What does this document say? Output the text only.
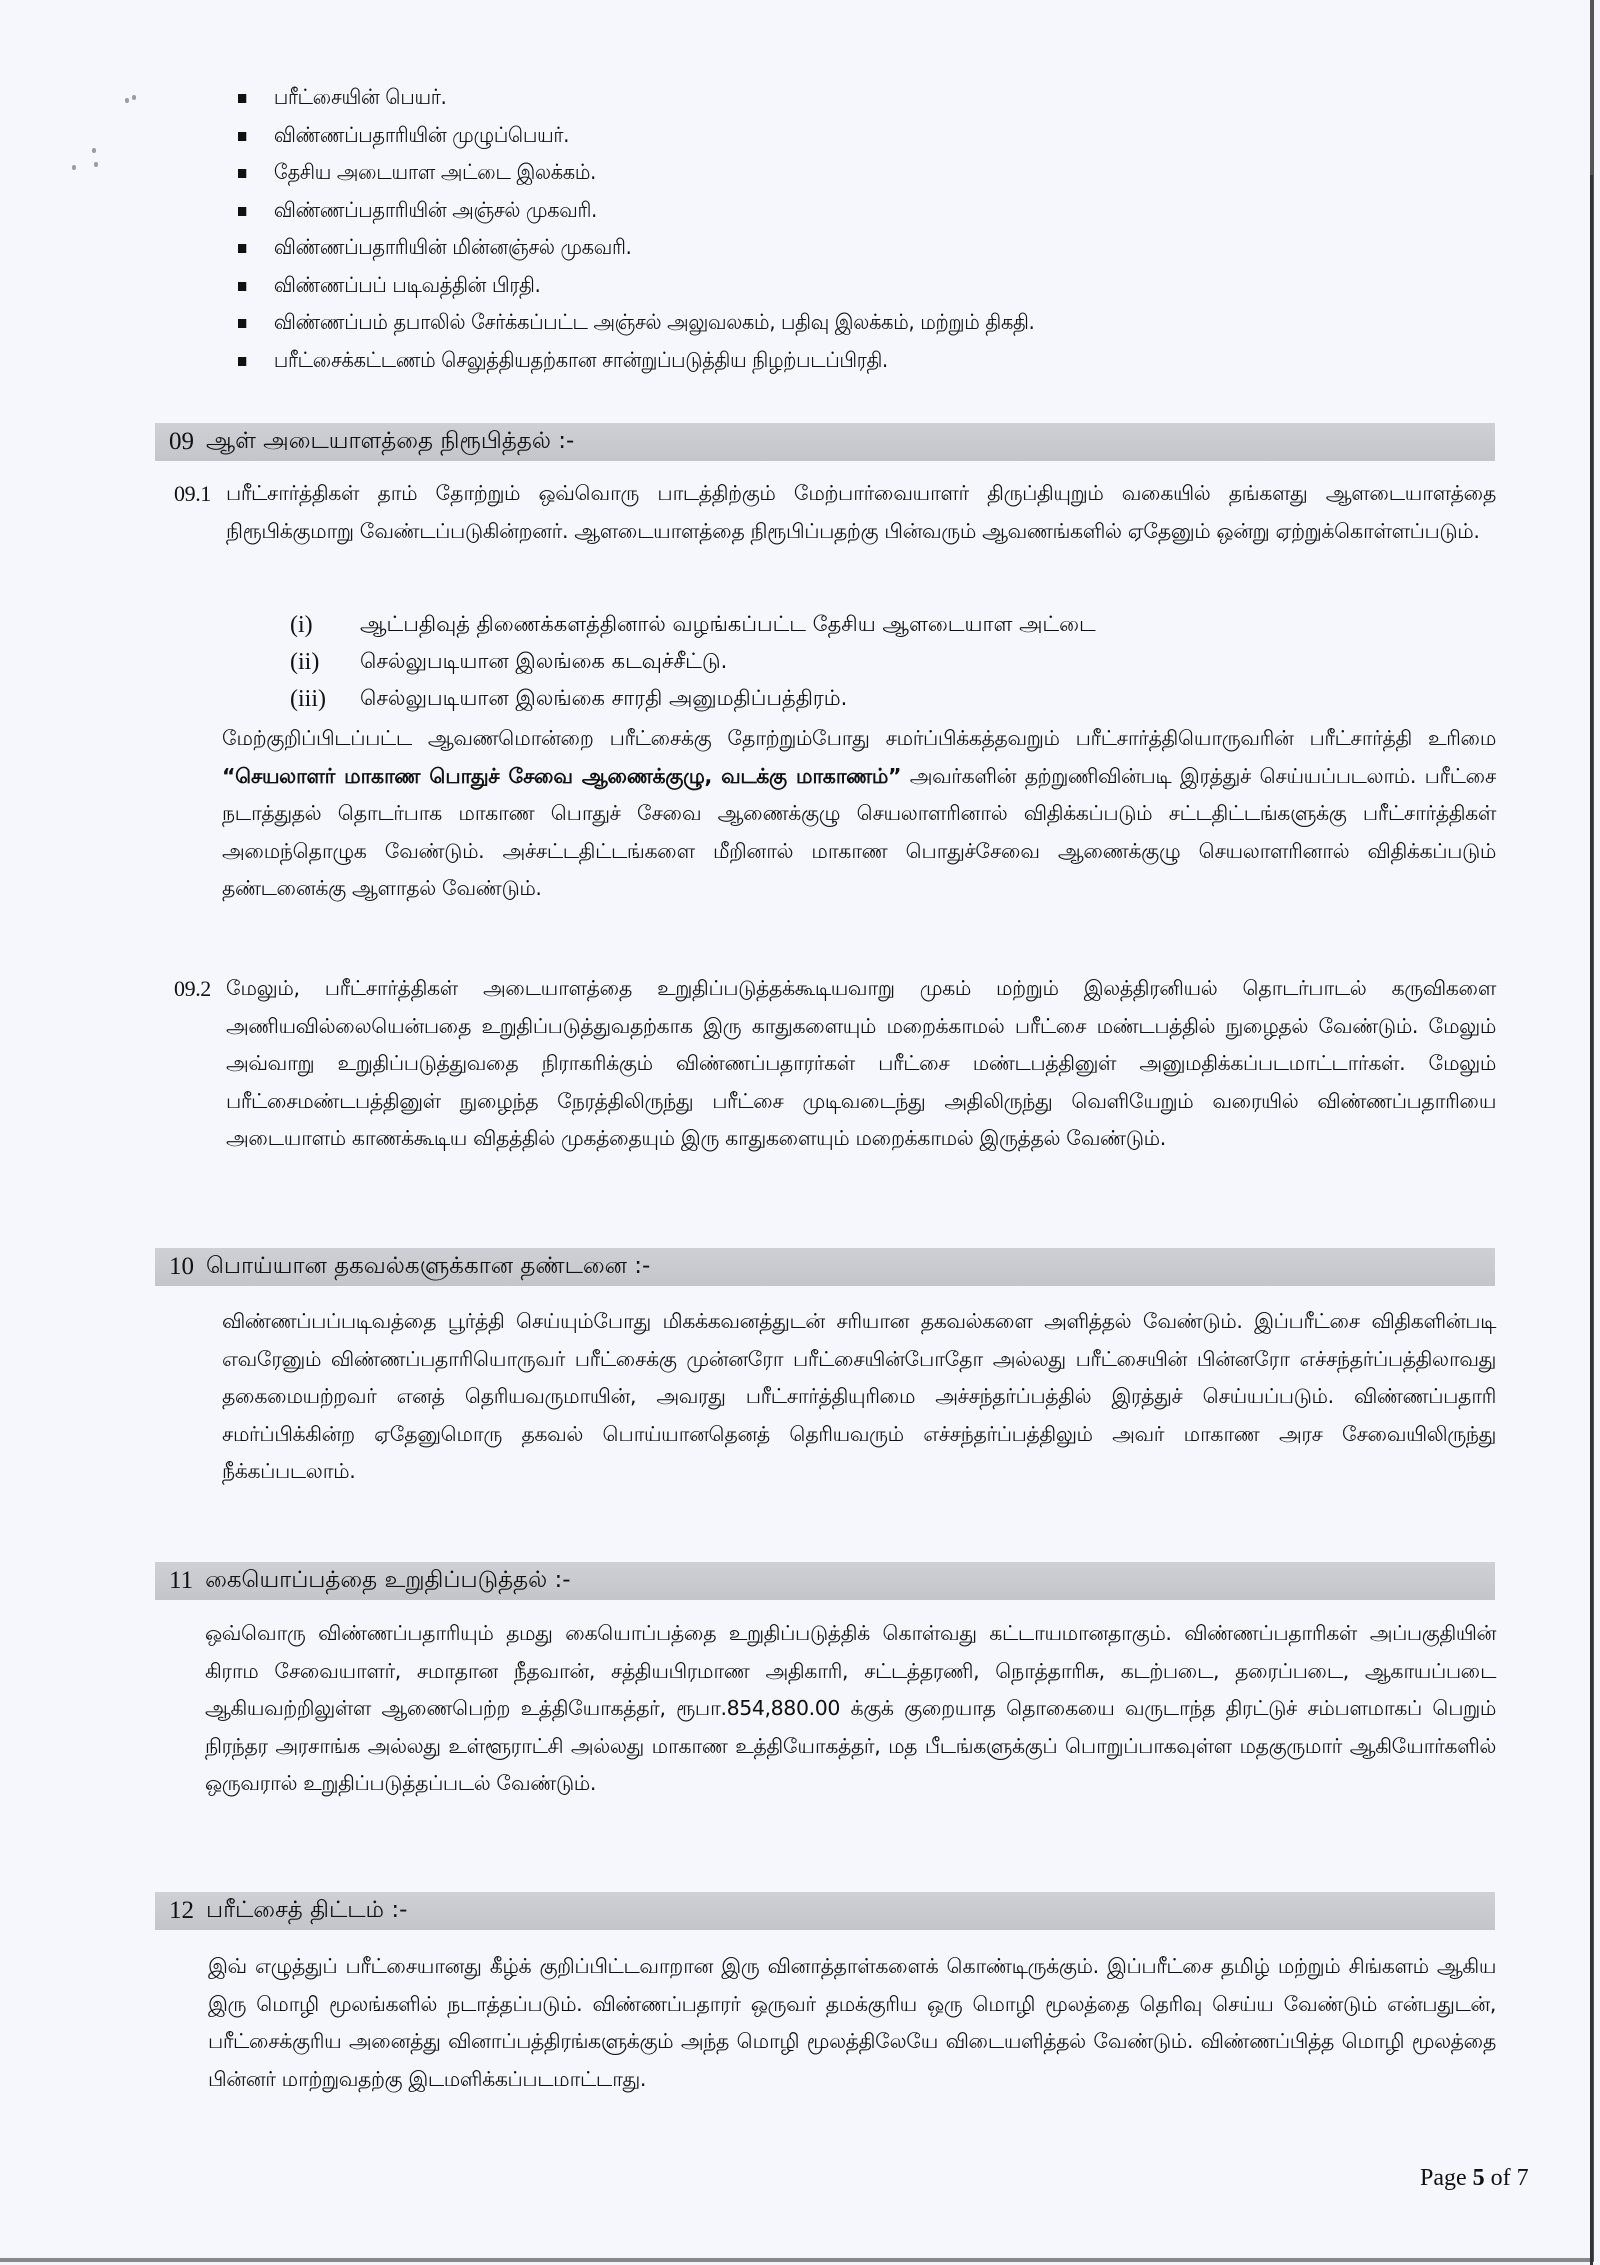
பரீட்சையின் பெயர்.
விண்ணப்பதாரியின் முழுப்பெயர்.
தேசிய அடையாள அட்டை இலக்கம்.
விண்ணப்பதாரியின் அஞ்சல் முகவரி.
விண்ணப்பதாரியின் மின்னஞ்சல் முகவரி.
விண்ணப்பப் படிவத்தின் பிரதி.
விண்ணப்பம் தபாலில் சேர்க்கப்பட்ட அஞ்சல் அலுவலகம், பதிவு இலக்கம், மற்றும் திகதி.
பரீட்சைக்கட்டணம் செலுத்தியதற்கான சான்றுப்படுத்திய நிழற்படப்பிரதி.
09 ஆள் அடையாளத்தை நிரூபித்தல் :-
09.1 பரீட்சார்த்திகள் தாம் தோற்றும் ஒவ்வொரு பாடத்திற்கும் மேற்பார்வையாளர் திருப்தியுறும் வகையில் தங்களது ஆளடையாளத்தை நிரூபிக்குமாறு வேண்டப்படுகின்றனர். ஆளடையாளத்தை நிரூபிப்பதற்கு பின்வரும் ஆவணங்களில் ஏதேனும் ஒன்று ஏற்றுக்கொள்ளப்படும்.
(i)	ஆட்பதிவுத் திணைக்களத்தினால் வழங்கப்பட்ட தேசிய ஆளடையாள அட்டை
(ii)	செல்லுபடியான இலங்கை கடவுச்சீட்டு.
(iii)	செல்லுபடியான இலங்கை சாரதி அனுமதிப்பத்திரம்.
மேற்குறிப்பிடப்பட்ட ஆவணமொன்றை பரீட்சைக்கு தோற்றும்போது சமர்ப்பிக்கத்தவறும் பரீட்சார்த்தியொருவரின் பரீட்சார்த்தி உரிமை “செயலாளர் மாகாண பொதுச் சேவை ஆணைக்குழு, வடக்கு மாகாணம்” அவர்களின் தற்றுணிவின்படி இரத்துச் செய்யப்படலாம். பரீட்சை நடாத்துதல் தொடர்பாக மாகாண பொதுச் சேவை ஆணைக்குழு செயலாளரினால் விதிக்கப்படும் சட்டதிட்டங்களுக்கு பரீட்சார்த்திகள் அமைந்தொழுக வேண்டும். அச்சட்டதிட்டங்களை மீறினால் மாகாண பொதுச்சேவை ஆணைக்குழு செயலாளரினால் விதிக்கப்படும் தண்டனைக்கு ஆளாதல் வேண்டும்.
09.2 மேலும், பரீட்சார்த்திகள் அடையாளத்தை உறுதிப்படுத்தக்கூடியவாறு முகம் மற்றும் இலத்திரனியல் தொடர்பாடல் கருவிகளை அணியவில்லையென்பதை உறுதிப்படுத்துவதற்காக இரு காதுகளையும் மறைக்காமல் பரீட்சை மண்டபத்தில் நுழைதல் வேண்டும். மேலும் அவ்வாறு உறுதிப்படுத்துவதை நிராகரிக்கும் விண்ணப்பதாரர்கள் பரீட்சை மண்டபத்தினுள் அனுமதிக்கப்படமாட்டார்கள். மேலும் பரீட்சைமண்டபத்தினுள் நுழைந்த நேரத்திலிருந்து பரீட்சை முடிவடைந்து அதிலிருந்து வெளியேறும் வரையில் விண்ணப்பதாரியை அடையாளம் காணக்கூடிய விதத்தில் முகத்தையும் இரு காதுகளையும் மறைக்காமல் இருத்தல் வேண்டும்.
10 பொய்யான தகவல்களுக்கான தண்டனை :-
விண்ணப்பப்படிவத்தை பூர்த்தி செய்யும்போது மிகக்கவனத்துடன் சரியான தகவல்களை அளித்தல் வேண்டும். இப்பரீட்சை விதிகளின்படி எவரேனும் விண்ணப்பதாரியொருவர் பரீட்சைக்கு முன்னரோ பரீட்சையின்போதோ அல்லது பரீட்சையின் பின்னரோ எச்சந்தர்ப்பத்திலாவது தகைமையற்றவர் எனத் தெரியவருமாயின், அவரது பரீட்சார்த்தியுரிமை அச்சந்தர்ப்பத்தில் இரத்துச் செய்யப்படும். விண்ணப்பதாரி சமர்ப்பிக்கின்ற ஏதேனுமொரு தகவல் பொய்யானதெனத் தெரியவரும் எச்சந்தர்ப்பத்திலும் அவர் மாகாண அரச சேவையிலிருந்து நீக்கப்படலாம்.
11 கையொப்பத்தை உறுதிப்படுத்தல் :-
ஒவ்வொரு விண்ணப்பதாரியும் தமது கையொப்பத்தை உறுதிப்படுத்திக் கொள்வது கட்டாயமானதாகும். விண்ணப்பதாரிகள் அப்பகுதியின் கிராம சேவையாளர், சமாதான நீதவான், சத்தியபிரமாண அதிகாரி, சட்டத்தரணி, நொத்தாரிசு, கடற்படை, தரைப்படை, ஆகாயப்படை ஆகியவற்றிலுள்ள ஆணைபெற்ற உத்தியோகத்தர், ரூபா.854,880.00 க்குக் குறையாத தொகையை வருடாந்த திரட்டுச் சம்பளமாகப் பெறும் நிரந்தர அரசாங்க அல்லது உள்ளூராட்சி அல்லது மாகாண உத்தியோகத்தர், மத பீடங்களுக்குப் பொறுப்பாகவுள்ள மதகுருமார் ஆகியோர்களில் ஒருவரால் உறுதிப்படுத்தப்படல் வேண்டும்.
12 பரீட்சைத் திட்டம் :-
இவ் எழுத்துப் பரீட்சையானது கீழ்க் குறிப்பிட்டவாறான இரு வினாத்தாள்களைக் கொண்டிருக்கும். இப்பரீட்சை தமிழ் மற்றும் சிங்களம் ஆகிய இரு மொழி மூலங்களில் நடாத்தப்படும். விண்ணப்பதாரர் ஒருவர் தமக்குரிய ஒரு மொழி மூலத்தை தெரிவு செய்ய வேண்டும் என்பதுடன், பரீட்சைக்குரிய அனைத்து வினாப்பத்திரங்களுக்கும் அந்த மொழி மூலத்திலேயே விடையளித்தல் வேண்டும். விண்ணப்பித்த மொழி மூலத்தை பின்னர் மாற்றுவதற்கு இடமளிக்கப்படமாட்டாது.
Page 5 of 7
